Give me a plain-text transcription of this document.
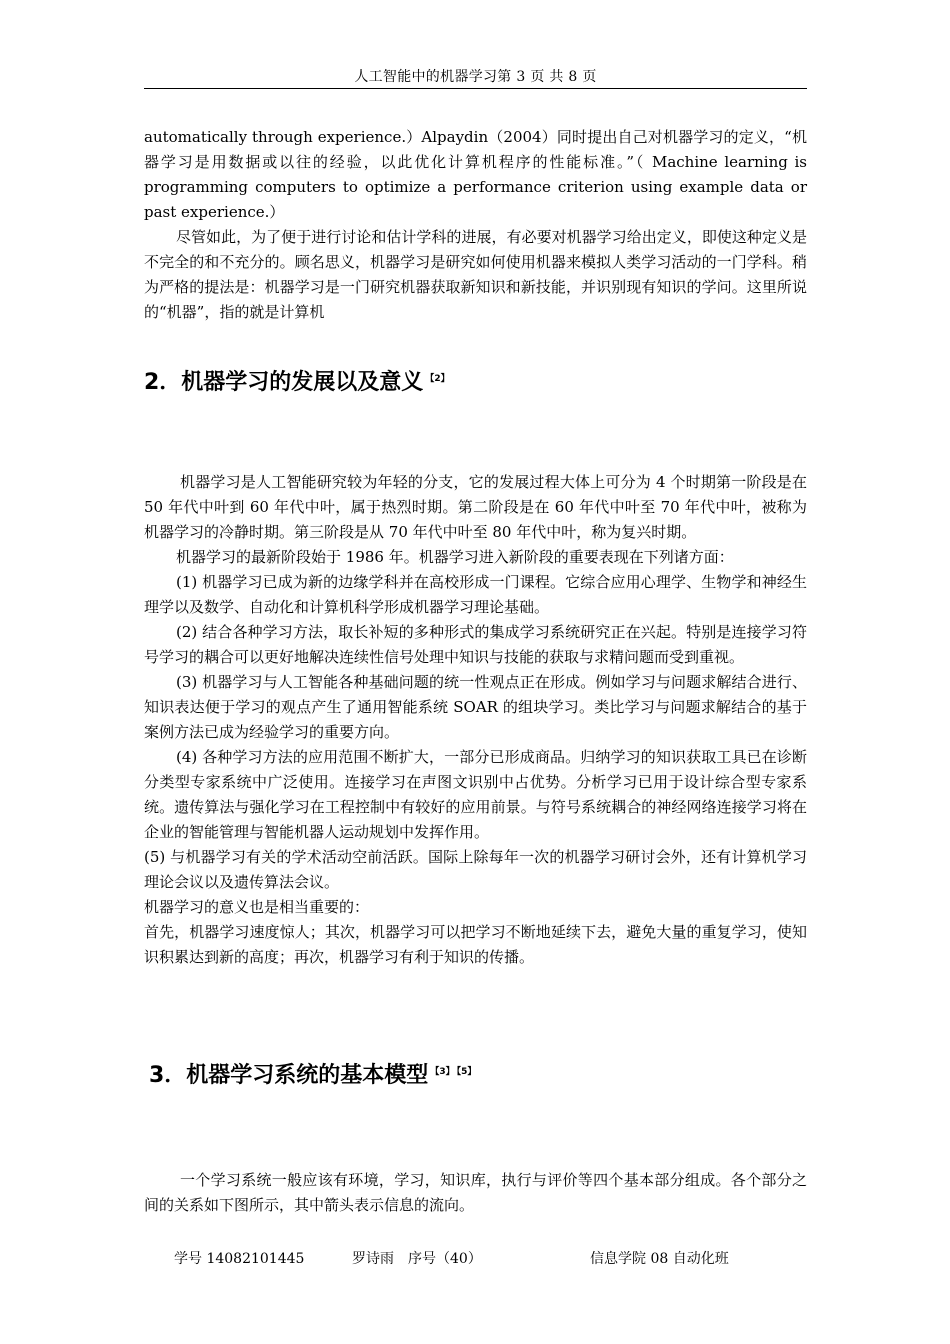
人工智能中的机器学习第 3 页 共 8 页

automatically through experience.）Alpaydin（2004）同时提出自己对机器学习的定义，“机器学习是用数据或以往的经验，以此优化计算机程序的性能标准。”（ Machine learning is programming computers to optimize a performance criterion using example data or past experience.）

尽管如此，为了便于进行讨论和估计学科的进展，有必要对机器学习给出定义，即使这种定义是不完全的和不充分的。顾名思义，机器学习是研究如何使用机器来模拟人类学习活动的一门学科。稍为严格的提法是：机器学习是一门研究机器获取新知识和新技能，并识别现有知识的学问。这里所说的“机器”，指的就是计算机

2．机器学习的发展以及意义 $^{【2】}$

机器学习是人工智能研究较为年轻的分支，它的发展过程大体上可分为 4 个时期第一阶段是在 50 年代中叶到 60 年代中叶，属于热烈时期。第二阶段是在 60 年代中叶至 70 年代中叶，被称为机器学习的冷静时期。第三阶段是从 70 年代中叶至 80 年代中叶，称为复兴时期。

机器学习的最新阶段始于 1986 年。机器学习进入新阶段的重要表现在下列诸方面：

(1) 机器学习已成为新的边缘学科并在高校形成一门课程。它综合应用心理学、生物学和神经生理学以及数学、自动化和计算机科学形成机器学习理论基础。

(2) 结合各种学习方法，取长补短的多种形式的集成学习系统研究正在兴起。特别是连接学习符号学习的耦合可以更好地解决连续性信号处理中知识与技能的获取与求精问题而受到重视。

(3) 机器学习与人工智能各种基础问题的统一性观点正在形成。例如学习与问题求解结合进行、知识表达便于学习的观点产生了通用智能系统 SOAR 的组块学习。类比学习与问题求解结合的基于案例方法已成为经验学习的重要方向。

(4) 各种学习方法的应用范围不断扩大，一部分已形成商品。归纳学习的知识获取工具已在诊断分类型专家系统中广泛使用。连接学习在声图文识别中占优势。分析学习已用于设计综合型专家系统。遗传算法与强化学习在工程控制中有较好的应用前景。与符号系统耦合的神经网络连接学习将在企业的智能管理与智能机器人运动规划中发挥作用。

(5) 与机器学习有关的学术活动空前活跃。国际上除每年一次的机器学习研讨会外，还有计算机学习理论会议以及遗传算法会议。

机器学习的意义也是相当重要的：

首先，机器学习速度惊人；其次，机器学习可以把学习不断地延续下去，避免大量的重复学习，使知识积累达到新的高度；再次，机器学习有利于知识的传播。

3．机器学习系统的基本模型 $^{【3】}$ $^{【5】}$

一个学习系统一般应该有环境，学习，知识库，执行与评价等四个基本部分组成。各个部分之间的关系如下图所示，其中箭头表示信息的流向。

学号 14082101445	罗诗雨　序号（40）	信息学院 08 自动化班
